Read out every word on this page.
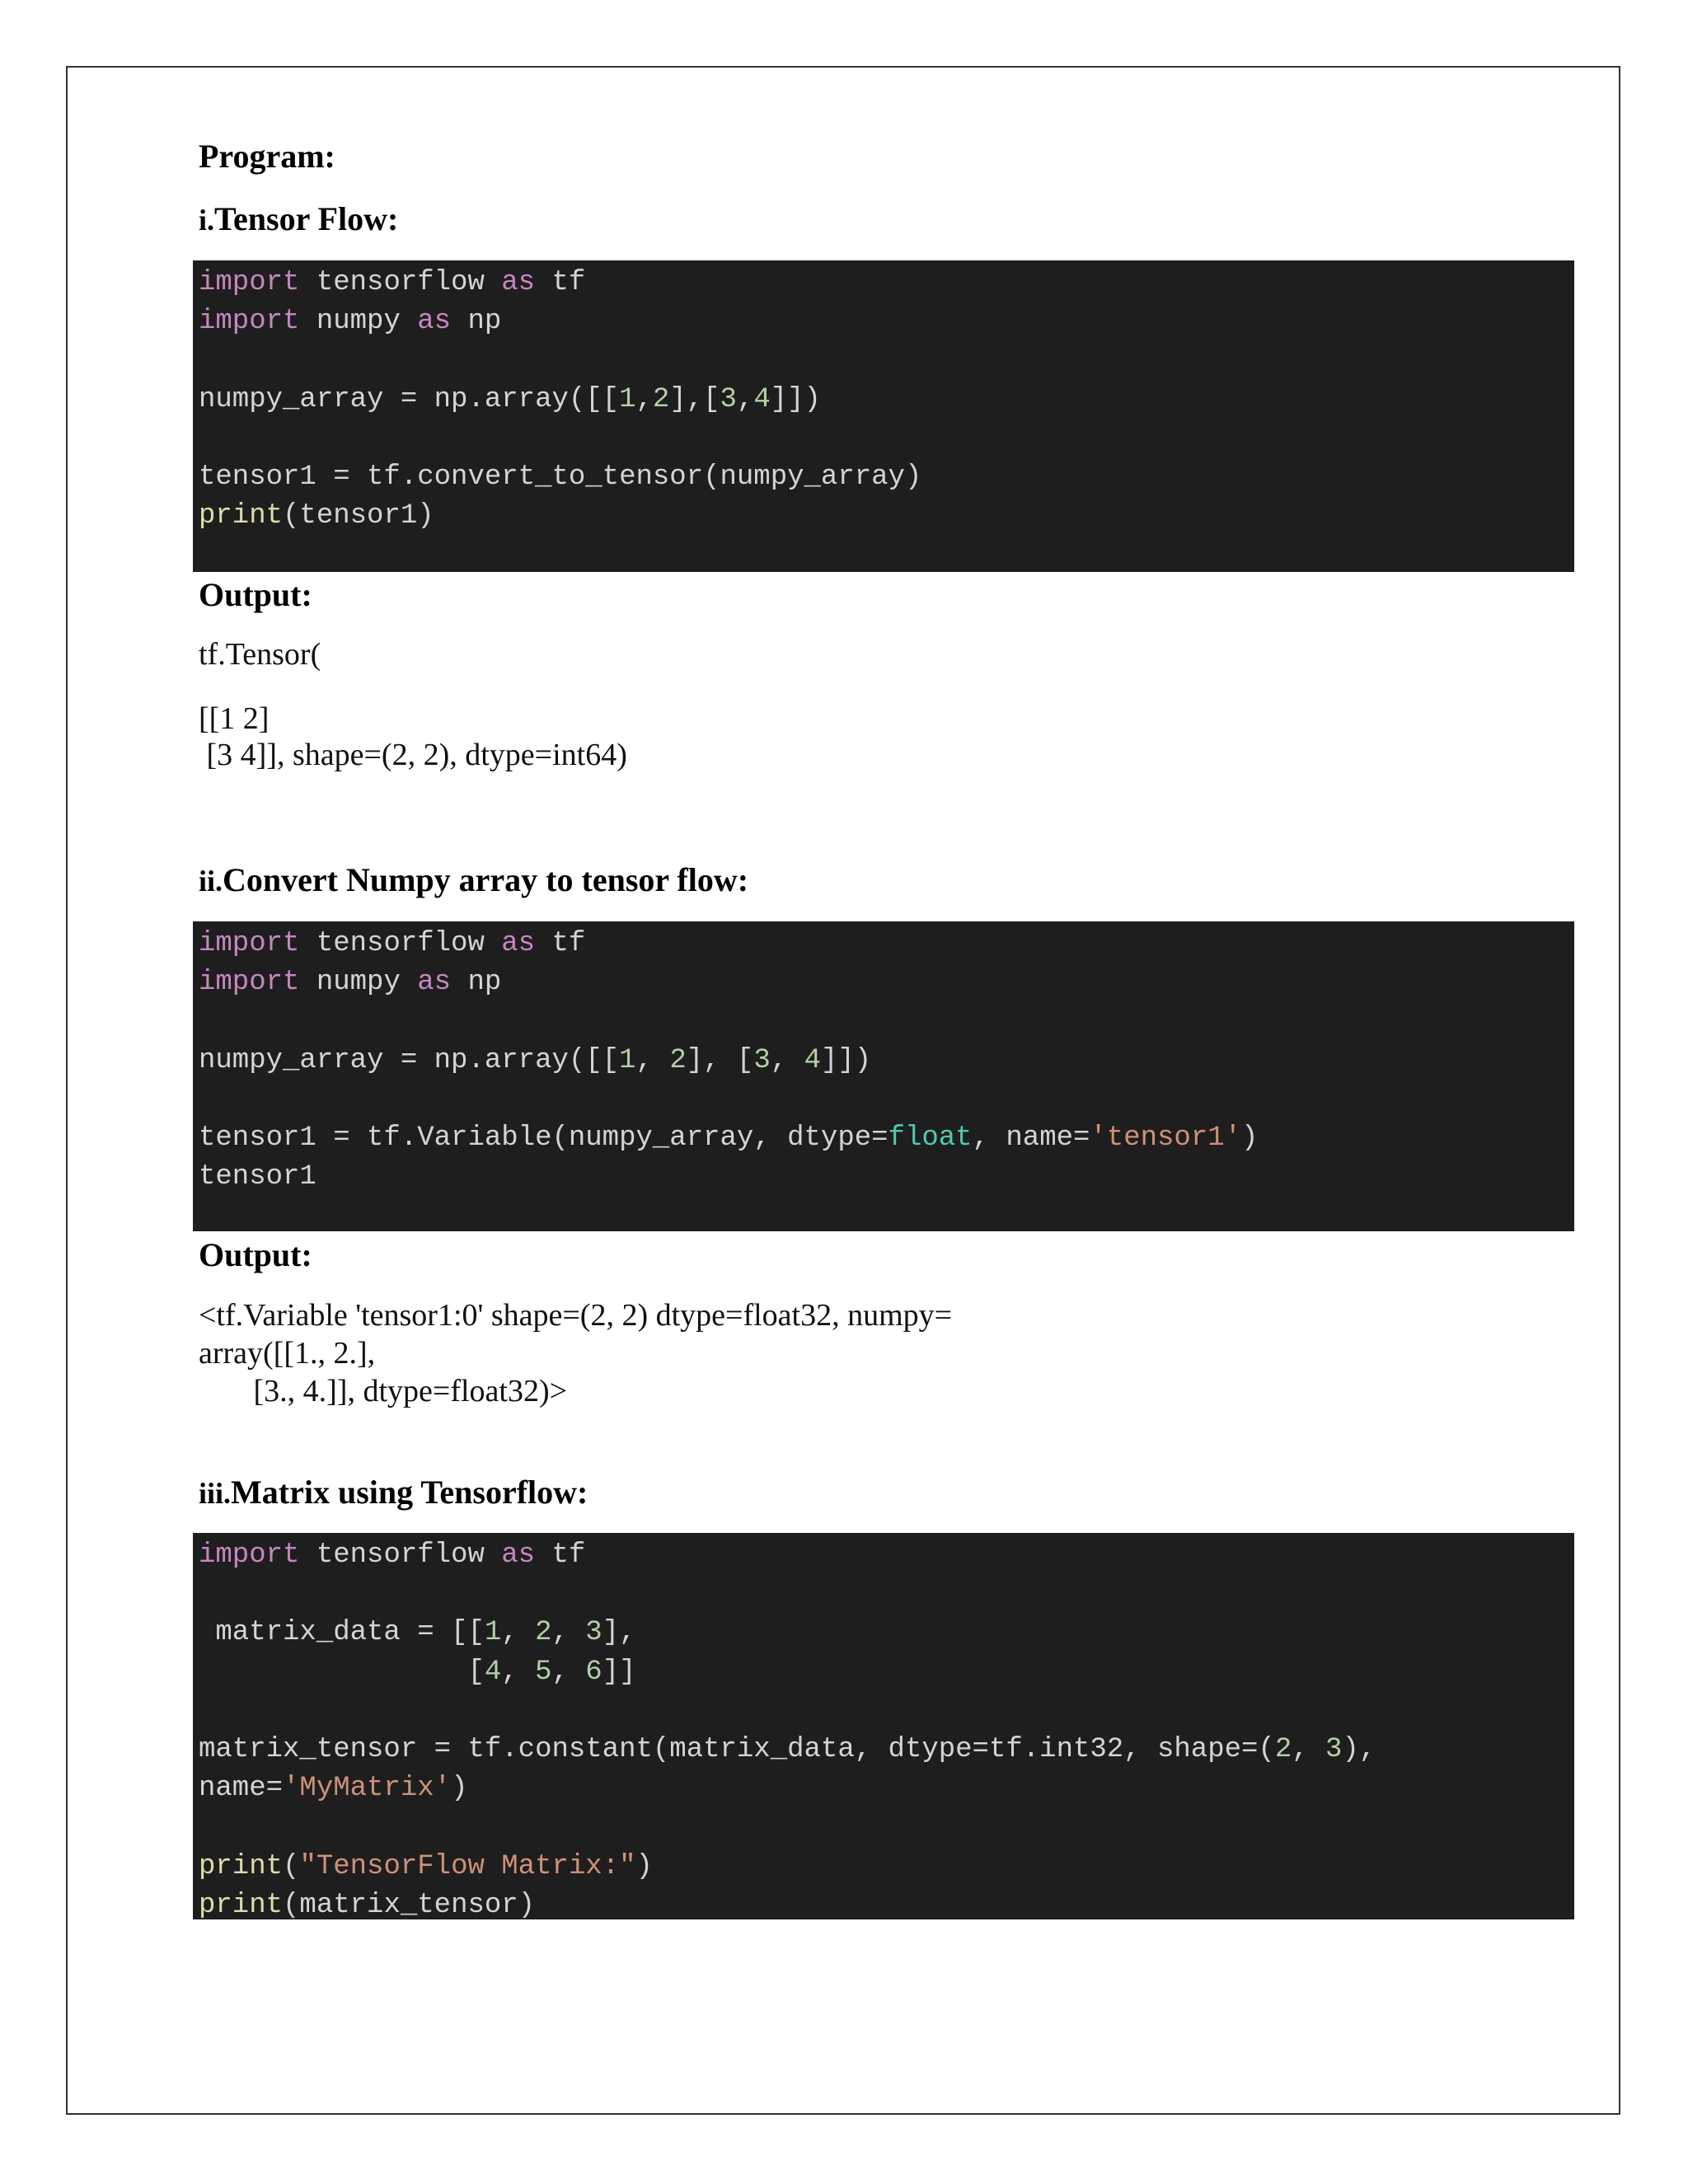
Program:
i.Tensor Flow:
import tensorflow as tf
import numpy as np
numpy_array = np.array([[1,2],[3,4]])
tensor1 = tf.convert_to_tensor(numpy_array)
print(tensor1)
Output:
tf.Tensor(
[[1 2]
[3 4]], shape=(2, 2), dtype=int64)
ii.Convert Numpy array to tensor flow:
import tensorflow as tf
import numpy as np
numpy_array = np.array([[1, 2], [3, 4]])
tensor1 = tf.Variable(numpy_array, dtype=float, name='tensor1')
tensor1
Output:
<tf.Variable 'tensor1:0' shape=(2, 2) dtype=float32, numpy=
array([[1., 2.],
[3., 4.]], dtype=float32)>
iii.Matrix using Tensorflow:
import tensorflow as tf
matrix_data = [[1, 2, 3],
[4, 5, 6]]
matrix_tensor = tf.constant(matrix_data, dtype=tf.int32, shape=(2, 3),
name='MyMatrix')
print("TensorFlow Matrix:")
print(matrix_tensor)
